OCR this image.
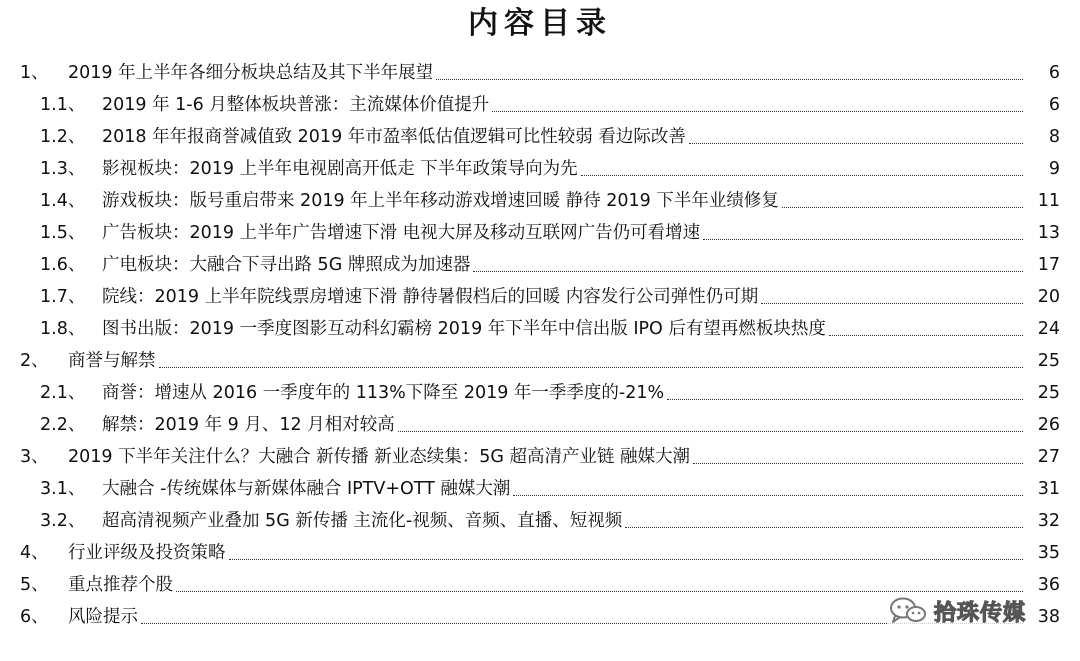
内容目录
1、	2019 年上半年各细分板块总结及其下半年展望	6
1.1、 2019 年 1-6 月整体板块普涨：主流媒体价值提升	6
1.2、 2018 年年报商誉减值致 2019 年市盈率低估值逻辑可比性较弱 看边际改善	8
1.3、 影视板块：2019 上半年电视剧高开低走 下半年政策导向为先	9
1.4、 游戏板块：版号重启带来 2019 年上半年移动游戏增速回暖 静待 2019 下半年业绩修复	11
1.5、 广告板块：2019 上半年广告增速下滑 电视大屏及移动互联网广告仍可看增速	13
1.6、 广电板块：大融合下寻出路 5G 牌照成为加速器	17
1.7、 院线：2019 上半年院线票房增速下滑 静待暑假档后的回暖 内容发行公司弹性仍可期	20
1.8、 图书出版：2019 一季度图影互动科幻霸榜 2019 年下半年中信出版 IPO 后有望再燃板块热度	24
2、	商誉与解禁	25
2.1、 商誉：增速从 2016 一季度年的 113%下降至 2019 年一季季度的-21%	25
2.2、 解禁：2019 年 9 月、12 月相对较高	26
3、	2019 下半年关注什么？大融合 新传播 新业态续集：5G 超高清产业链 融媒大潮	27
3.1、 大融合 -传统媒体与新媒体融合 IPTV+OTT 融媒大潮	31
3.2、 超高清视频产业叠加 5G 新传播 主流化-视频、音频、直播、短视频	32
4、	行业评级及投资策略	35
5、	重点推荐个股	36
6、	风险提示	38
拾珠传媒
